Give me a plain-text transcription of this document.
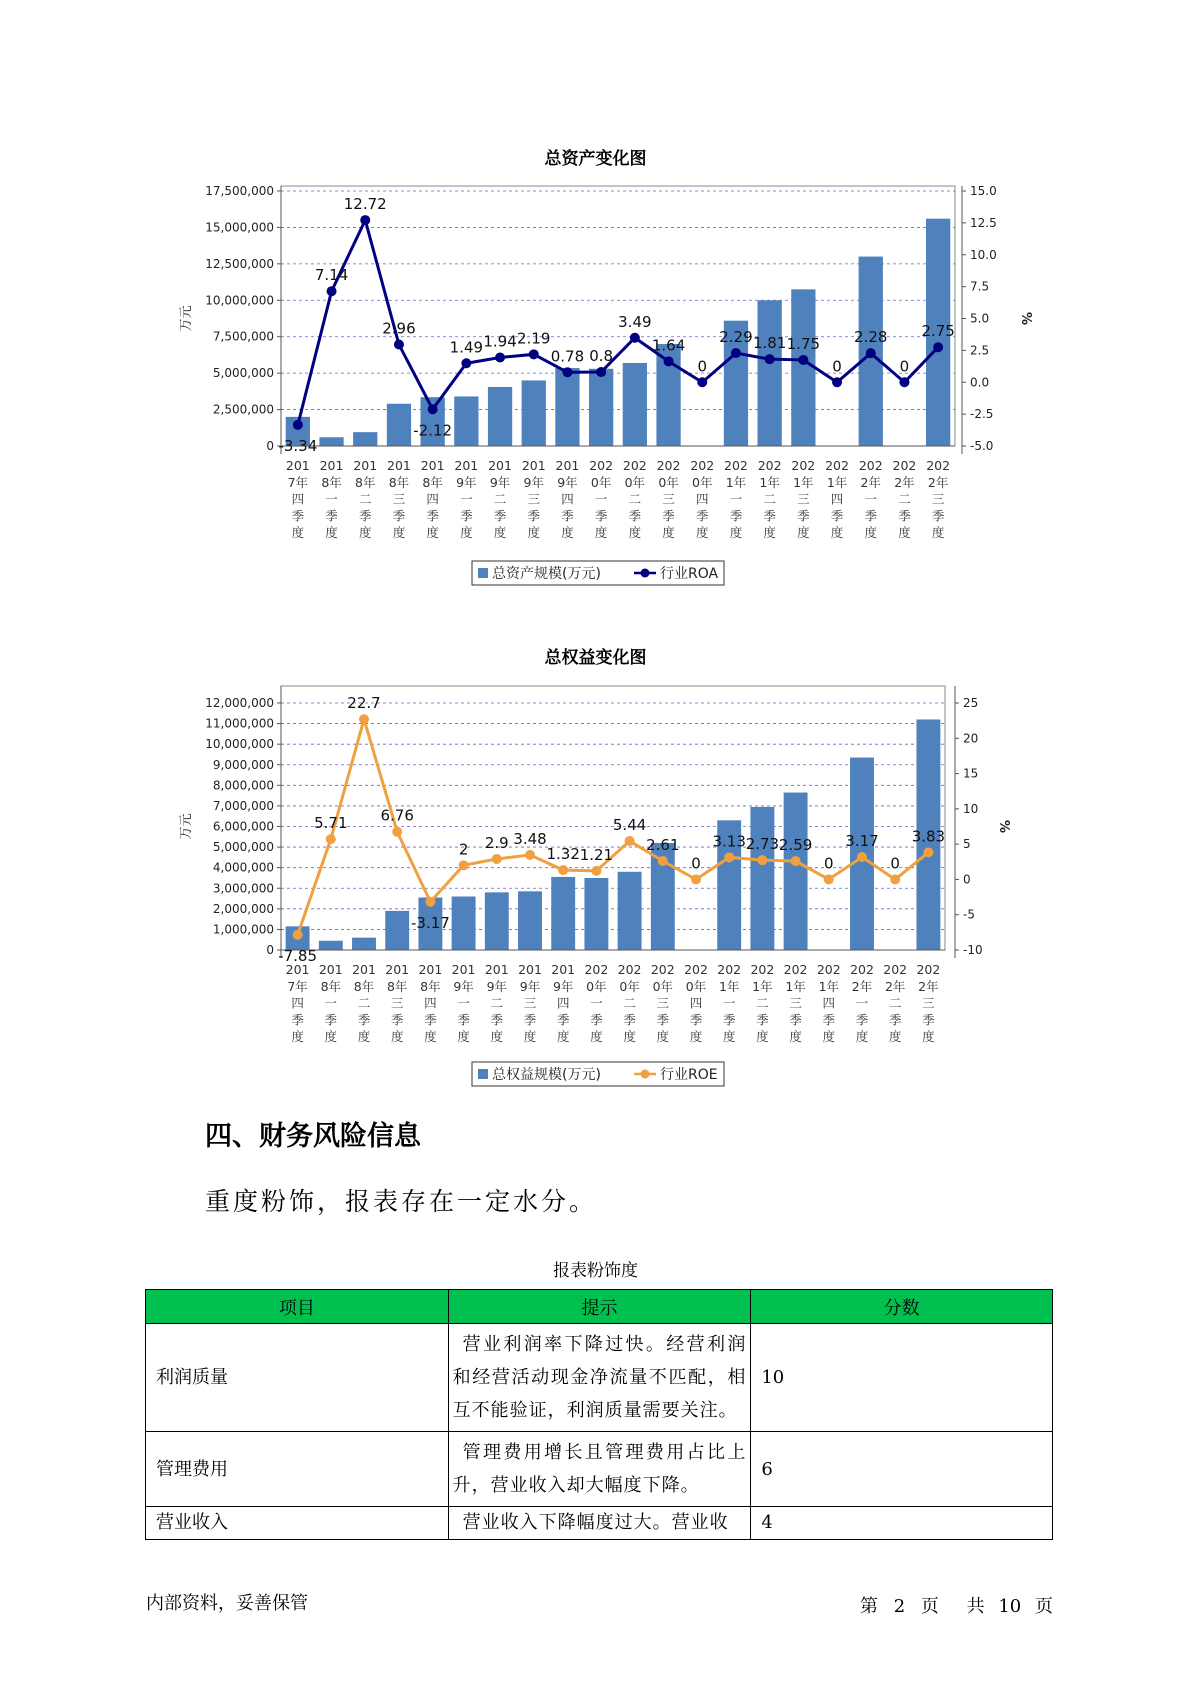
总资产变化图
0
2,500,000
5,000,000
7,500,000
10,000,000
12,500,000
15,000,000
17,500,000
-5.0
-2.5
0.0
2.5
5.0
7.5
10.0
12.5
15.0
万元	%
201 7年四季度
201 8年一季度
201 8年二季度
201 8年三季度
201 8年四季度
201 9年一季度
201 9年二季度
201 9年三季度
201 9年四季度
202 0年一季度
202 0年二季度
202 0年三季度
202 0年四季度
202 1年一季度
202 1年二季度
202 1年三季度
202 1年四季度
202 2年一季度
202 2年二季度
202 2年三季度
-3.34
7.14
12.72
2.96
-2.12
1.49 1.94 2.19
0.78 0.8
3.49
1.64
0
2.29 1.81 1.75
0
2.28
0
2.75
总资产规模(万元)	行业ROA
总权益变化图
0
1,000,000
2,000,000
3,000,000
4,000,000
5,000,000
6,000,000
7,000,000
8,000,000
9,000,000
10,000,000
11,000,000
12,000,000
-10
-5
0
5
10
15
20
25
万元	%
201 7年四季度
201 8年一季度
201 8年二季度
201 8年三季度
201 8年四季度
201 9年一季度
201 9年二季度
201 9年三季度
201 9年四季度
202 0年一季度
202 0年二季度
202 0年三季度
202 0年四季度
202 1年一季度
202 1年二季度
202 1年三季度
202 1年四季度
202 2年一季度
202 2年二季度
202 2年三季度
-7.85
5.71
22.7
6.76
-3.17
2 2.9 3.48
1.32 1.21
5.44
2.61
0
3.13 2.73 2.59
0
3.17
0
3.83
总权益规模(万元)	行业ROE
四、财务风险信息
重度粉饰，报表存在一定水分。
报表粉饰度
项目	提示	分数
利润质量	营业利润率下降过快。经营利润和经营活动现金净流量不匹配，相互不能验证，利润质量需要关注。	10
管理费用	管理费用增长且管理费用占比上升，营业收入却大幅度下降。	6
营业收入	营业收入下降幅度过大。营业收	4
内部资料，妥善保管	第 2 页 共 10 页
